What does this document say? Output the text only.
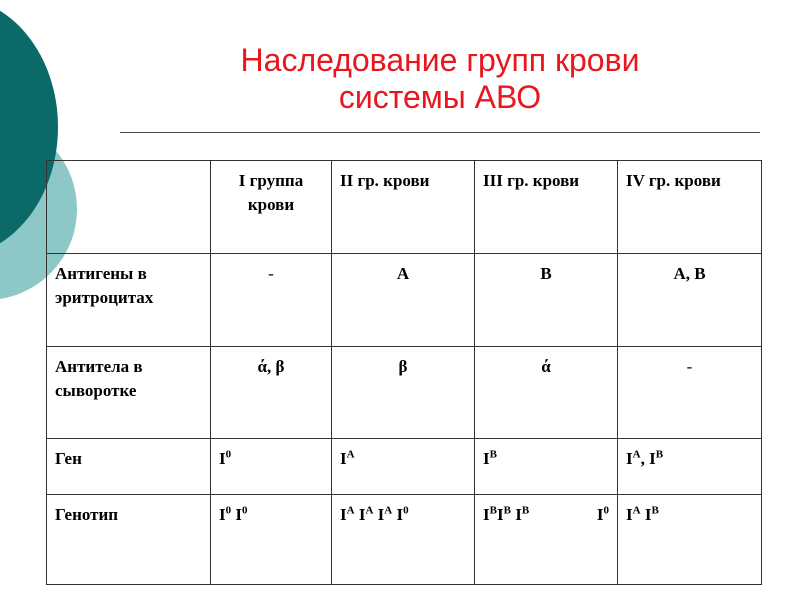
Наследование групп крови
системы АВО
	I группа крови	II гр. крови	III гр. крови	IV гр. крови
Антигены в эритроцитах	-	А	В	А, В
Антитела в сыворотке	ά, β	β	ά	-
Ген	$I^0$	$I^A$	$I^B$	$I^A$, $I^B$
Генотип	$I^0$ $I^0$	$I^A$ $I^A$ $I^A$ $I^0$	$I^BI^B$ $I^B$ $I^0$	$I^A$ $I^B$
